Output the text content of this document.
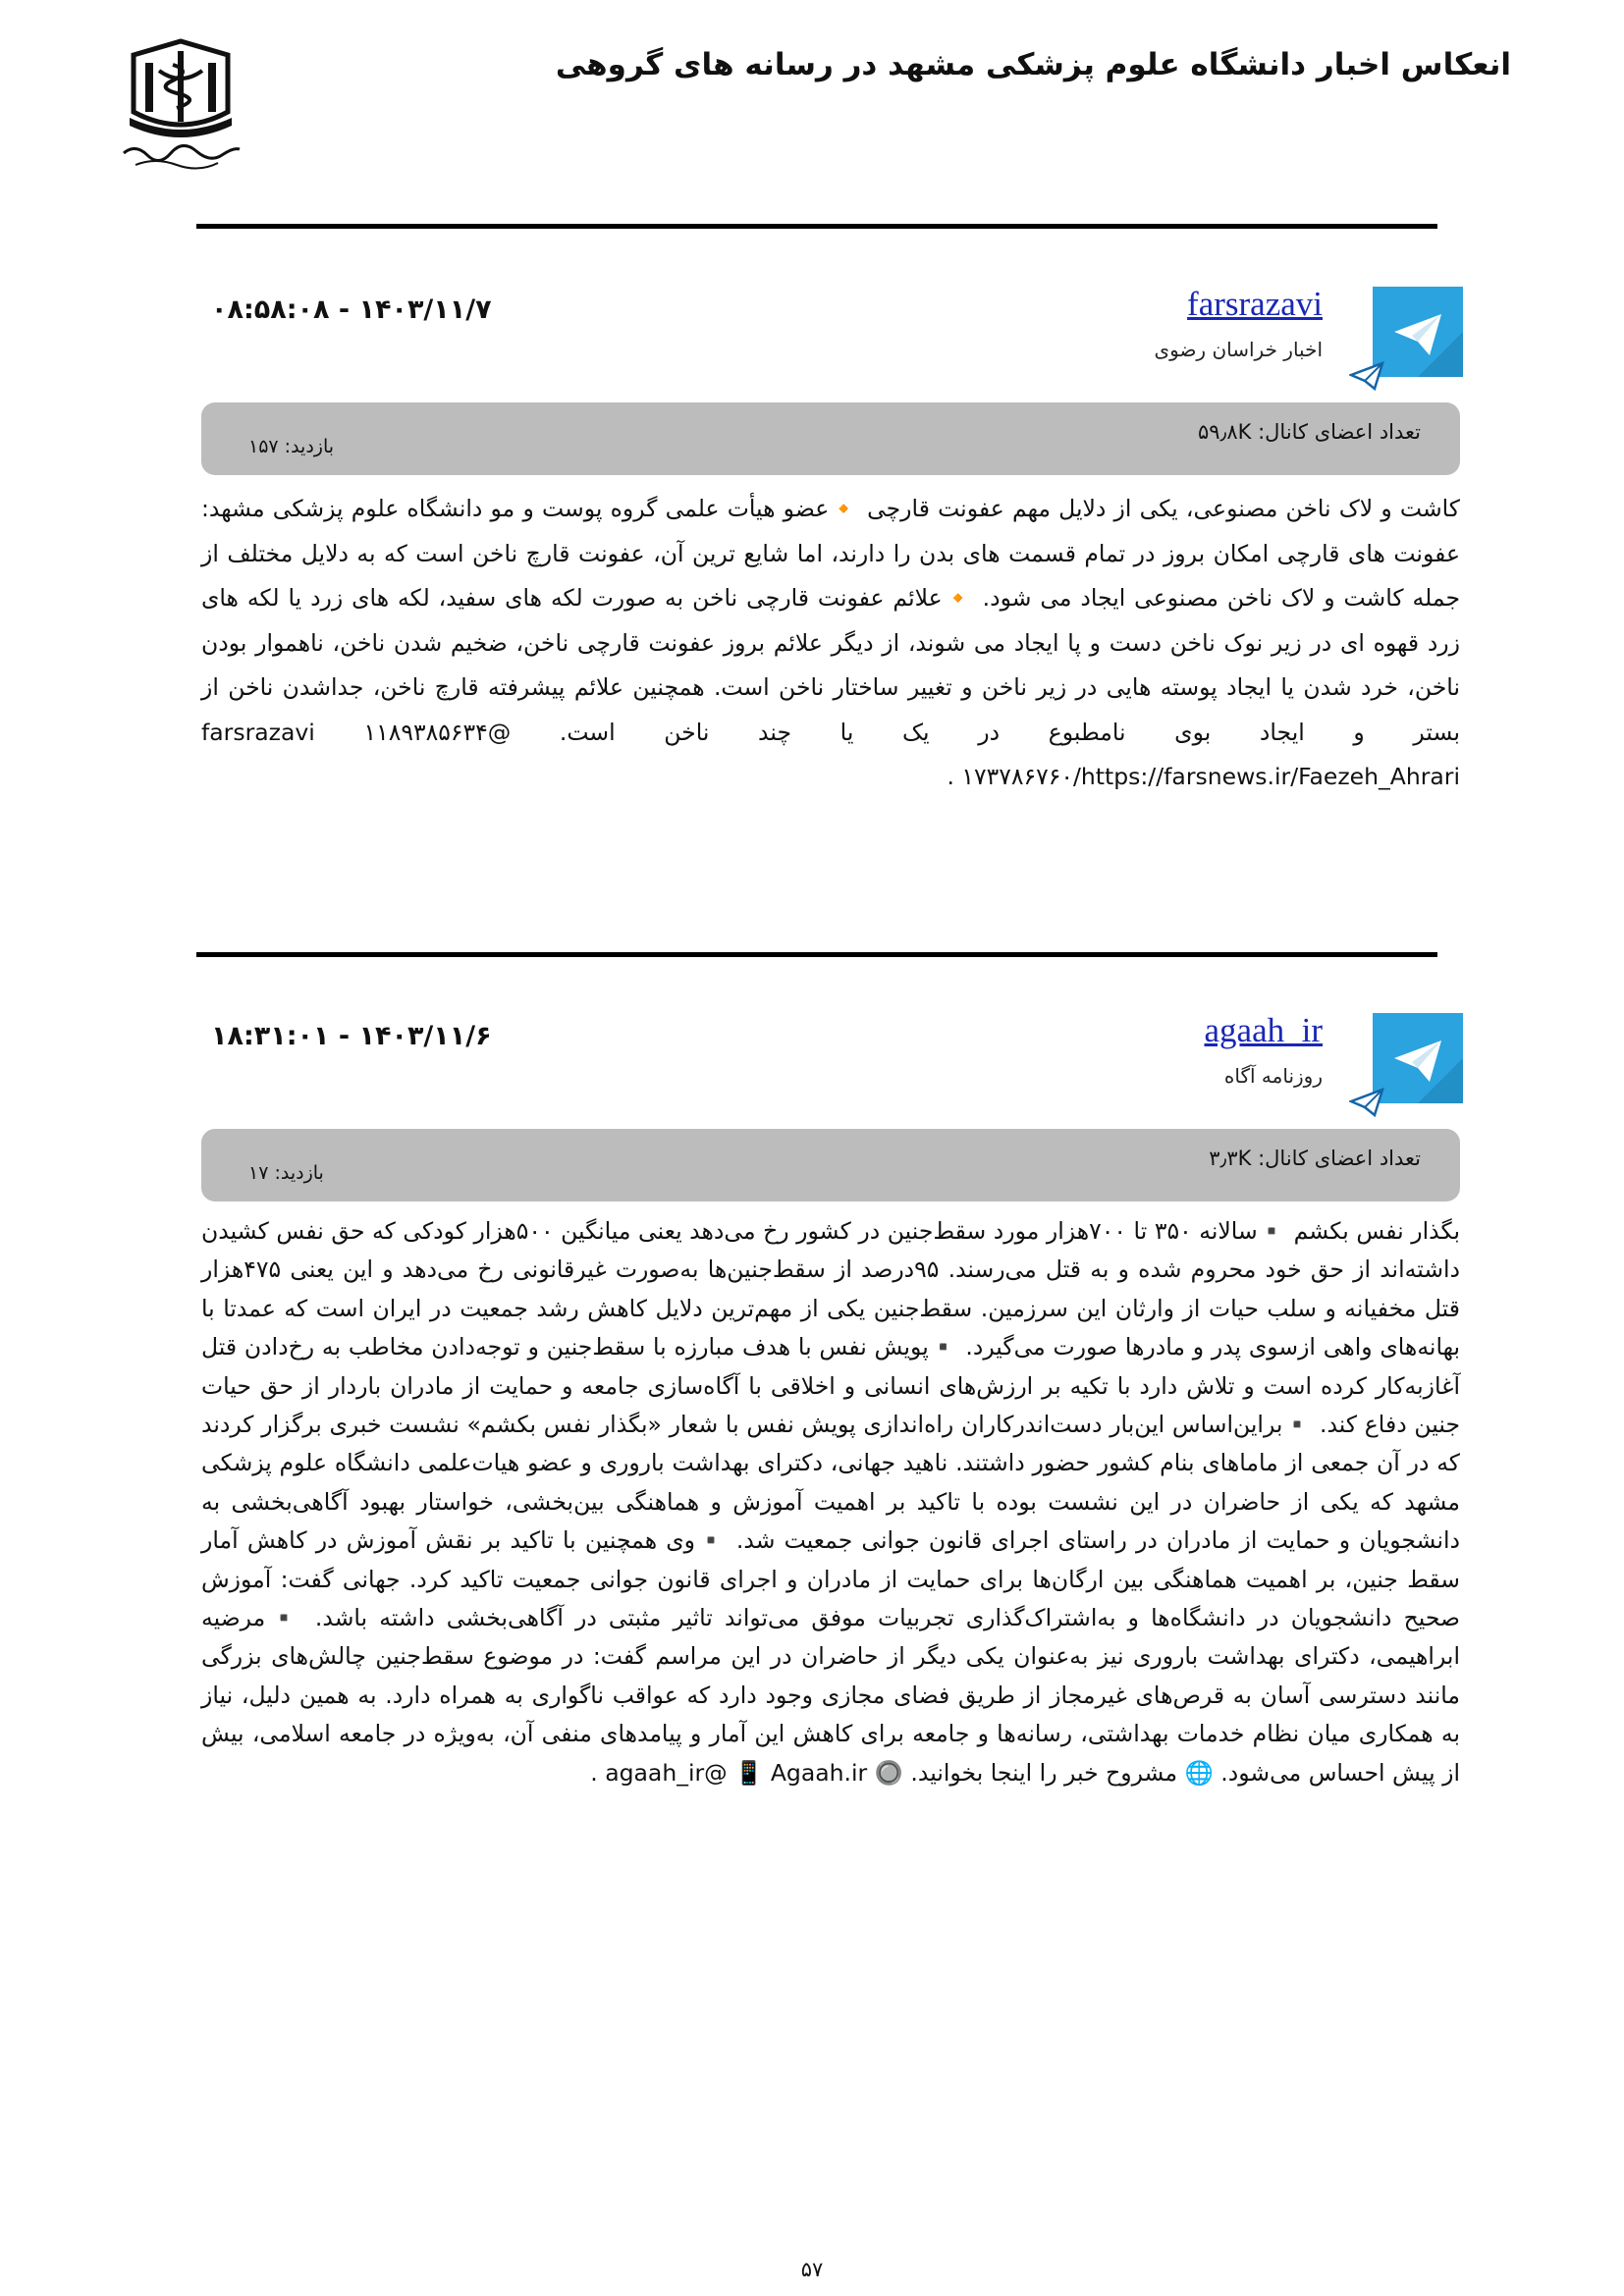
انعکاس اخبار دانشگاه علوم پزشکی مشهد در رسانه های گروهی
farsrazavi
اخبار خراسان رضوی
۱۴۰۳/۱۱/۷ - ۰۸:۵۸:۰۸
تعداد اعضای کانال: ۵۹٫۸K
بازدید: ۱۵۷
کاشت و لاک ناخن مصنوعی، یکی از دلایل مهم عفونت قارچی 🔸عضو هیأت علمی گروه پوست و مو دانشگاه علوم پزشکی مشهد: عفونت های قارچی امکان بروز در تمام قسمت های بدن را دارند، اما شایع ترین آن، عفونت قارچ ناخن است که به دلایل مختلف از جمله کاشت و لاک ناخن مصنوعی ایجاد می شود. 🔸علائم عفونت قارچی ناخن به صورت لکه های سفید، لکه های زرد یا لکه های زرد قهوه ای در زیر نوک ناخن دست و پا ایجاد می شوند، از دیگر علائم بروز عفونت قارچی ناخن، ضخیم شدن ناخن، ناهموار بودن ناخن، خرد شدن یا ایجاد پوسته هایی در زیر ناخن و تغییر ساختار ناخن است. همچنین علائم پیشرفته قارچ ناخن، جداشدن ناخن از بستر و ایجاد بوی نامطبوع در یک یا چند ناخن است. @farsrazavi ۱۱۸۹۳۸۵۶۳۴ ۱۷۳۷۸۶۷۶۰/https://farsnews.ir/Faezeh_Ahrari .
agaah_ir
روزنامه آگاه
۱۴۰۳/۱۱/۶ - ۱۸:۳۱:۰۱
تعداد اعضای کانال: ۳٫۳K
بازدید: ۱۷
بگذار نفس بکشم ▪️سالانه ۳۵۰ تا ۷۰۰هزار مورد سقط‌جنین در کشور رخ می‌دهد یعنی میانگین ۵۰۰هزار کودکی که حق نفس کشیدن داشته‌اند از حق خود محروم شده و به قتل می‌رسند. ۹۵درصد از سقط‌جنین‌ها به‌صورت غیرقانونی رخ می‌دهد و این یعنی ۴۷۵هزار قتل مخفیانه و سلب حیات از وارثان این سرزمین. سقط‌جنین یکی از مهم‌ترین دلایل کاهش رشد جمعیت در ایران است که عمدتا با بهانه‌های واهی ازسوی پدر و مادرها صورت می‌گیرد. ▪️پویش نفس با هدف مبارزه با سقط‌جنین و توجه‌دادن مخاطب به رخ‌دادن قتل آغازبه‌کار کرده است و تلاش دارد با تکیه بر ارزش‌های انسانی و اخلاقی با آگاه‌سازی جامعه و حمایت از مادران باردار از حق حیات جنین دفاع کند. ▪️براین‌اساس این‌بار دست‌اندرکاران راه‌اندازی پویش نفس با شعار «بگذار نفس بکشم» نشست خبری برگزار کردند که در آن جمعی از ماماهای بنام کشور حضور داشتند. ناهید جهانی، دکترای بهداشت باروری و عضو هیات‌علمی دانشگاه علوم پزشکی مشهد که یکی از حاضران در این نشست بوده با تاکید بر اهمیت آموزش و هماهنگی بین‌بخشی، خواستار بهبود آگاهی‌بخشی به دانشجویان و حمایت از مادران در راستای اجرای قانون جوانی جمعیت شد. ▪️وی همچنین با تاکید بر نقش آموزش در کاهش آمار سقط جنین، بر اهمیت هماهنگی بین ارگان‌ها برای حمایت از مادران و اجرای قانون جوانی جمعیت تاکید کرد. جهانی گفت: آموزش صحیح دانشجویان در دانشگاه‌ها و به‌اشتراک‌گذاری تجربیات موفق می‌تواند تاثیر مثبتی در آگاهی‌بخشی داشته باشد. ▪️مرضیه ابراهیمی، دکترای بهداشت باروری نیز به‌عنوان یکی دیگر از حاضران در این مراسم گفت: در موضوع سقط‌جنین چالش‌های بزرگی مانند دسترسی آسان به قرص‌های غیرمجاز از طریق فضای مجازی وجود دارد که عواقب ناگواری به همراه دارد. به همین دلیل، نیاز به همکاری میان نظام خدمات بهداشتی، رسانه‌ها و جامعه برای کاهش این آمار و پیامدهای منفی آن، به‌ویژه در جامعه اسلامی، بیش از پیش احساس می‌شود. 🌐 مشروح خبر را اینجا بخوانید. 🔘 agaah_ir@ 📱 Agaah.ir .
۵۷
